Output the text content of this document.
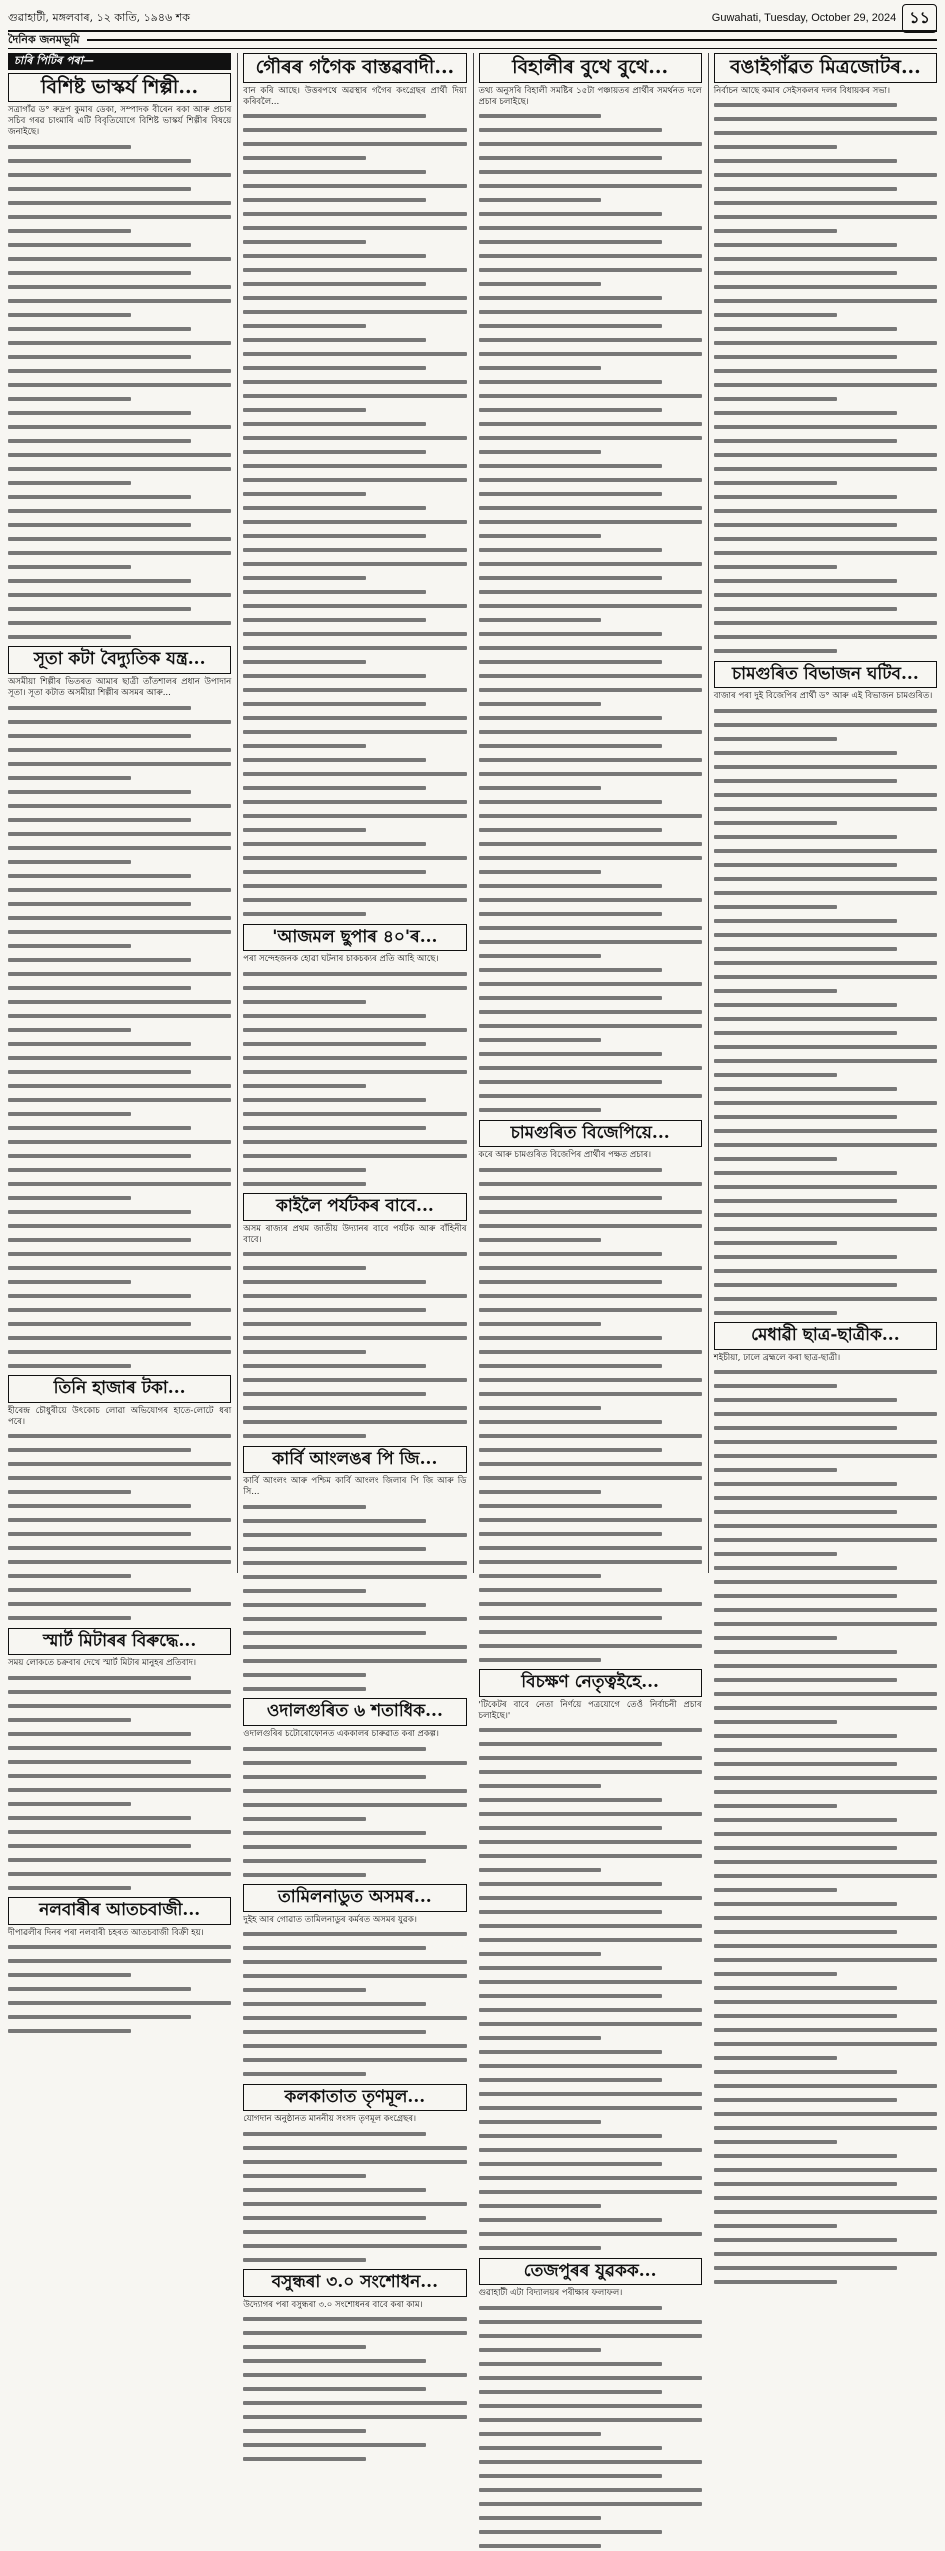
গুৱাহাটী, মঙ্গলবাৰ, ১২ কাতি, ১৯৪৬ শক	Guwahati, Tuesday, October 29, 2024 ১১
দৈনিক জনমভূমি
চাৰি পিটিৰ পৰা—
বিশিষ্ট ভাস্কৰ্য শিল্পী...
সত্ৰাগাঁৱ ড° ৰুদ্ৰপ কুমাৰ ডেকা, সম্পাদক বীৰেন ৰকা আৰু প্ৰচাৰ সচিব গৰৱ চাংমাৰি এটি বিবৃতিযোগে বিশিষ্ট ভাস্কৰ্য শিল্পীৰ বিষয়ে জনাইছে।
সূতা কটা বৈদ্যুতিক যন্ত্ৰ...
অসমীয়া শিল্পীৰ ভিতৰত আমাৰ ছাত্ৰী তাঁতশালৰ প্ৰধান উপাদান সূতা। সূতা কটাত অসমীয়া শিল্পীৰ অসমৰ আৰু...
তিনি হাজাৰ টকা...
হীৰেন্দ্ৰ চৌধুৰীয়ে উৎকোচ লোৱা অভিযোগৰ হাতে-লোটে ধৰা পৰে।
স্মাৰ্ট মিটাৰৰ বিৰুদ্ধে...
সময় লোকতে চক্ৰবাৰ দেখে স্মাৰ্ট মিটাৰ মানুহৰ প্ৰতিবাদ।
নলবাৰীৰ আতচবাজী...
দীপাৱলীৰ দিনৰ পৰা নলবাৰী চহৰত আতচবাজী বিক্ৰী হয়।
গৌৰৰ গগৈক বাস্তৱবাদী...
বান কৰি আছে। উত্তৰপথে অৱস্থাৰ গগৈৰ কংগ্ৰেছৰ প্ৰাৰ্থী দিয়া কৰিবলৈ...
'আজমল ছুপাৰ ৪০'ৰ...
পৰা সন্দেহজনক হোৱা ঘটনাৰ চাকচক্যৰ প্ৰতি আহি আছে।
কাইলৈ পৰ্যটকৰ বাবে...
অসম ৰাজ্যৰ প্ৰথম জাতীয় উদ্যানৰ বাবে পৰ্যটক আৰু বাঁহিনীৰ বাবে।
কাৰ্বি আংলঙৰ পি জি...
কাৰ্বি আংলং আৰু পশ্চিম কাৰ্বি আংলং জিলাৰ পি জি আৰু ডি সি...
ওদালগুৰিত ৬ শতাধিক...
ওদালগুৰিৰ চটোৰোফোনত এককালৰ চাৰুৱাত কৰা প্ৰকল্প।
তামিলনাডুত অসমৰ...
দুইহ আৰ গোৱাত তামিলনাডুৰ কৰ্মৰত অসমৰ যুৱক।
কলকাতাত তৃণমূল...
যোগদান অনুষ্ঠানত মাননীয় সংসদ তৃণমূল কংগ্ৰেছৰ।
বসুন্ধৰা ৩.০ সংশোধন...
উদ্যোগৰ পৰা বসুন্ধৰা ৩.০ সংশোধনৰ বাবে কৰা কাম।
বিহালীৰ বুথে বুথে...
তথ্য অনুসৰি বিহালী সমষ্টিৰ ১৫টা পঞ্চায়তৰ প্ৰাৰ্থীৰ সমৰ্থনত দলে প্ৰচাৰ চলাইছে।
চামগুৰিত বিজেপিয়ে...
কৰে আৰু চামগুৰিত বিজেপিৰ প্ৰাৰ্থীৰ পক্ষত প্ৰচাৰ।
বিচক্ষণ নেতৃত্বইহে...
'টিকেটৰ বাবে নেতা নিৰ্ণয়ে পত্ৰযোগে তেওঁ নিৰ্বাচনী প্ৰচাৰ চলাইছে।'
তেজপুৰৰ যুৱকক...
গুৱাহাটী এটা বিদ্যালয়ৰ পৰীক্ষাৰ ফলাফল।
বঙাইগাঁৱত মিত্ৰজোটৰ...
নিৰ্বাচন আছে কমাৰ সেইসকলৰ দলৰ বিধায়কৰ সভা।
চামগুৰিত বিভাজন ঘটিব...
বাজাৰ পৰা দুই বিজেপিৰ প্ৰাৰ্থী ড° আৰু এই বিভাজন চামগুৰিত।
মেধাৱী ছাত্ৰ-ছাত্ৰীক...
শইচীয়া, ঢালে ব্ৰহ্মলে কৰা ছাত্ৰ-ছাত্ৰী।
